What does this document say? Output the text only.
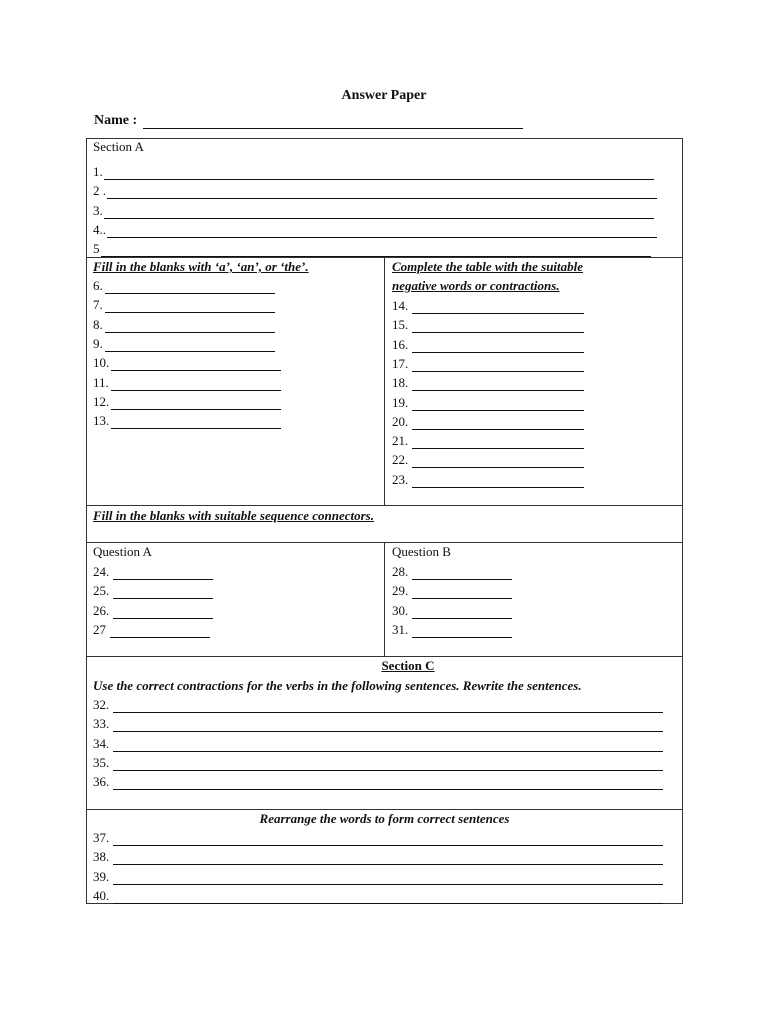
Answer Paper
Name :
Section A
1.
2 .
3.
4..
5
Fill in the blanks with ‘a’, ‘an’, or ‘the’.
6.
7.
8.
9.
10.
11.
12.
13.
Complete the table with the suitable
negative words or contractions.
14.
15.
16.
17.
18.
19.
20.
21.
22.
23.
Fill in the blanks with suitable sequence connectors.
Question A	Question B
24.
25.
26.
27
28.
29.
30.
31.
Section C
Use the correct contractions for the verbs in the following sentences. Rewrite the sentences.
32.
33.
34.
35.
36.
Rearrange the words to form correct sentences
37.
38.
39.
40.
